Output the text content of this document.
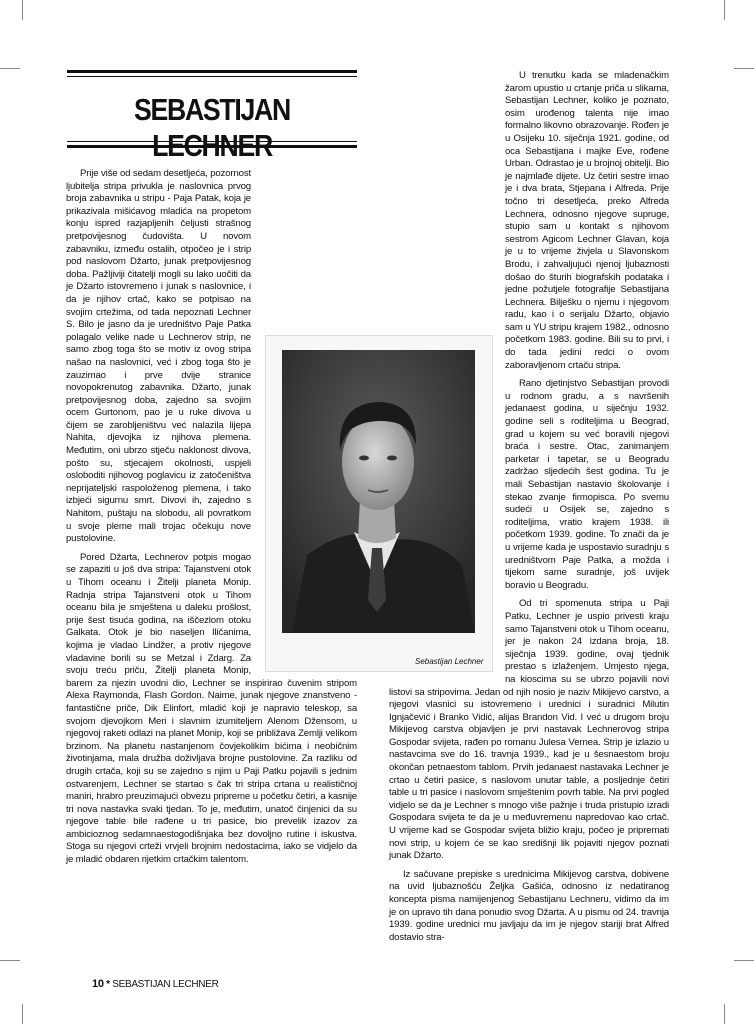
SEBASTIJAN

Prije više od sedam desetljeća, pozornost ljubitelja stripa privukla je naslovnica prvog broja zabavnika u stripu - Paja Patak, koja je prikazivala mišićavog mladića na propetom konju ispred razjapljenih čeljusti strašnog pretpovijesnog čudovišta. U novom zabavniku, između ostalih, otpočeo je i strip pod naslovom Džarto, junak pretpovijesnog doba. Pažljiviji čitatelji mogli su lako uočiti da je Džarto istovremeno i junak s naslovnice, i da je njihov crtač, kako se potpisao na svojim crtežima, od tada nepoznati Lechner S. Bilo je jasno da je uredništvo Paje Patka polagalo velike nade u Lechnerov strip, ne samo zbog toga što se motiv iz ovog stripa našao na naslovnici, već i zbog toga što je zauzimao i prve dvije stranice novopokrenutog zabavnika. Džarto, junak pretpovijesnog doba, zajedno sa svojim ocem Gurtonom, pao je u ruke divova u čijem se zarobljeništvu već nalazila lijepa Nahita, djevojka iz njihova plemena. Međutim, oni ubrzo stječu naklonost divova, pošto su, stjecajem okolnosti, uspjeli osloboditi njihovog poglavicu iz zatočeništva neprijateljski raspoloženog plemena, i tako izbjeći sigurnu smrt. Divovi ih, zajedno s Nahitom, puštaju na slobodu, ali povratkom u svoje pleme mali trojac očekuju nove pustolovine.

Pored Džarta, Lechnerov potpis mogao se zapaziti u još dva stripa: Tajanstveni otok u Tihom oceanu i Žitelji planeta Monip. Radnja stripa Tajanstveni otok u Tihom oceanu bila je smještena u daleku prošlost, prije šest tisuća godina, na iščezlom otoku Galkata. Otok je bio naseljen Iličanima, kojima je vladao Lindžer, a protiv njegove vladavine borili su se Metzal i Zdarg. Za svoju treću priču, Žitelji planeta Monip, barem za njezin uvodni dio, Lechner se inspirirao čuvenim stripom Alexa Raymonda, Flash Gordon. Naime, junak njegove znanstveno - fantastične priče, Dik Elinfort, mladić koji je napravio teleskop, sa svojom djevojkom Meri i slavnim izumiteljem Alenom Džensom, u njegovoj raketi odlazi na planet Monip, koji se približava Zemlji velikom brzinom. Na planetu nastanjenom čovjekolikim bićima i neobičnim životinjama, mala družba doživljava brojne pustolovine. Za razliku od drugih crtača, koji su se zajedno s njim u Paji Patku pojavili s jednim ostvarenjem, Lechner se startao s čak tri stripa crtana u realističnoj maniri, hrabro preuzimajući obvezu pripreme u početku četiri, a kasnije tri nova nastavka svaki tjedan. To je, međutim, unatoč činjenici da su njegove table bile rađene u tri pasice, bio prevelik izazov za ambicioznog sedamnaestogodišnjaka bez dovoljno rutine i iskustva. Stoga su njegovi crteži vrvjeli brojnim nedostacima, iako se vidjelo da je mladić obdaren rijetkim crtačkim talentom.

U trenutku kada se mladenačkim žarom upustio u crtanje priča u slikama, Sebastijan Lechner, koliko je poznato, osim urođenog talenta nije imao formalno likovno obrazovanje. Rođen je u Osijeku 10. siječnja 1921. godine, od oca Sebastijana i majke Eve, rođene Urban. Odrastao je u brojnoj obitelji. Bio je najmlađe dijete. Uz četiri sestre imao je i dva brata, Stjepana i Alfreda. Prije točno tri desetljeća, preko Alfreda Lechnera, odnosno njegove supruge, stupio sam u kontakt s njihovom sestrom Agicom Lechner Glavan, koja je u to vrijeme živjela u Slavonskom Brodu, i zahvaljujući njenoj ljubaznosti došao do šturih biografskih podataka i jedne požutjele fotografije Sebastijana Lechnera. Bilješku o njemu i njegovom radu, kao i o serijalu Džarto, objavio sam u YU stripu krajem 1982., odnosno početkom 1983. godine. Bili su to prvi, i do tada jedini redci o ovom zaboravljenom crtaču stripa.

Rano djetinjstvo Sebastijan provodi u rodnom gradu, a s navršenih jedanaest godina, u siječnju 1932. godine seli s roditeljima u Beograd, grad u kojem su već boravili njegovi braća i sestre. Otac, zanimanjem parketar i tapetar, se u Beogradu zadržao sljedećih šest godina. Tu je mali Sebastijan nastavio školovanje i stekao zvanje firmopisca. Po svemu sudeći u Osijek se, zajedno s roditeljima, vratio krajem 1938. ili početkom 1939. godine. To znači da je u vrijeme kada je uspostavio suradnju s uredništvom Paje Patka, a možda i tijekom same suradnje, još uvijek boravio u Beogradu.

Od tri spomenuta stripa u Paji Patku, Lechner je uspio privesti kraju samo Tajanstveni otok u Tihom oceanu, jer je nakon 24 izdana broja, 18. siječnja 1939. godine, ovaj tjednik prestao s izlaženjem. Umjesto njega, na kioscima su se ubrzo pojavili novi listovi sa stripovima. Jedan od njih nosio je naziv Mikijevo carstvo, a njegovi vlasnici su istovremeno i urednici i suradnici Milutin Ignjačević i Branko Vidić, alijas Brandon Vid. I već u drugom broju Mikijevog carstva objavljen je prvi nastavak Lechnerovog stripa Gospodar svijeta, rađen po romanu Julesa Vernea. Strip je izlazio u nastavcima sve do 16. travnja 1939., kad je u šesnaestom broju okončan petnaestom tablom. Prvih jedanaest nastavaka Lechner je crtao u četiri pasice, s naslovom unutar table, a posljednje četiri table u tri pasice i naslovom smještenim povrh table. Na prvi pogled vidjelo se da je Lechner s mnogo više pažnje i truda pristupio izradi Gospodara svijeta te da je u međuvremenu napredovao kao crtač. U vrijeme kad se Gospodar svijeta bližio kraju, počeo je pripremati novi strip, u kojem će se kao središnji lik pojaviti njegov poznati junak Džarto.

Iz sačuvane prepiske s urednicima Mikijevog carstva, dobivene na uvid ljubaznošću Željka Gašića, odnosno iz nedatiranog koncepta pisma namijenjenog Sebastijanu Lechneru, vidimo da im je on upravo tih dana ponudio svog Džarta. A u pismu od 24. travnja 1939. godine urednici mu javljaju da im je njegov stariji brat Alfred dostavio stra-

Sebastijan Lechner
10 * SEBASTIJAN LECHNER
